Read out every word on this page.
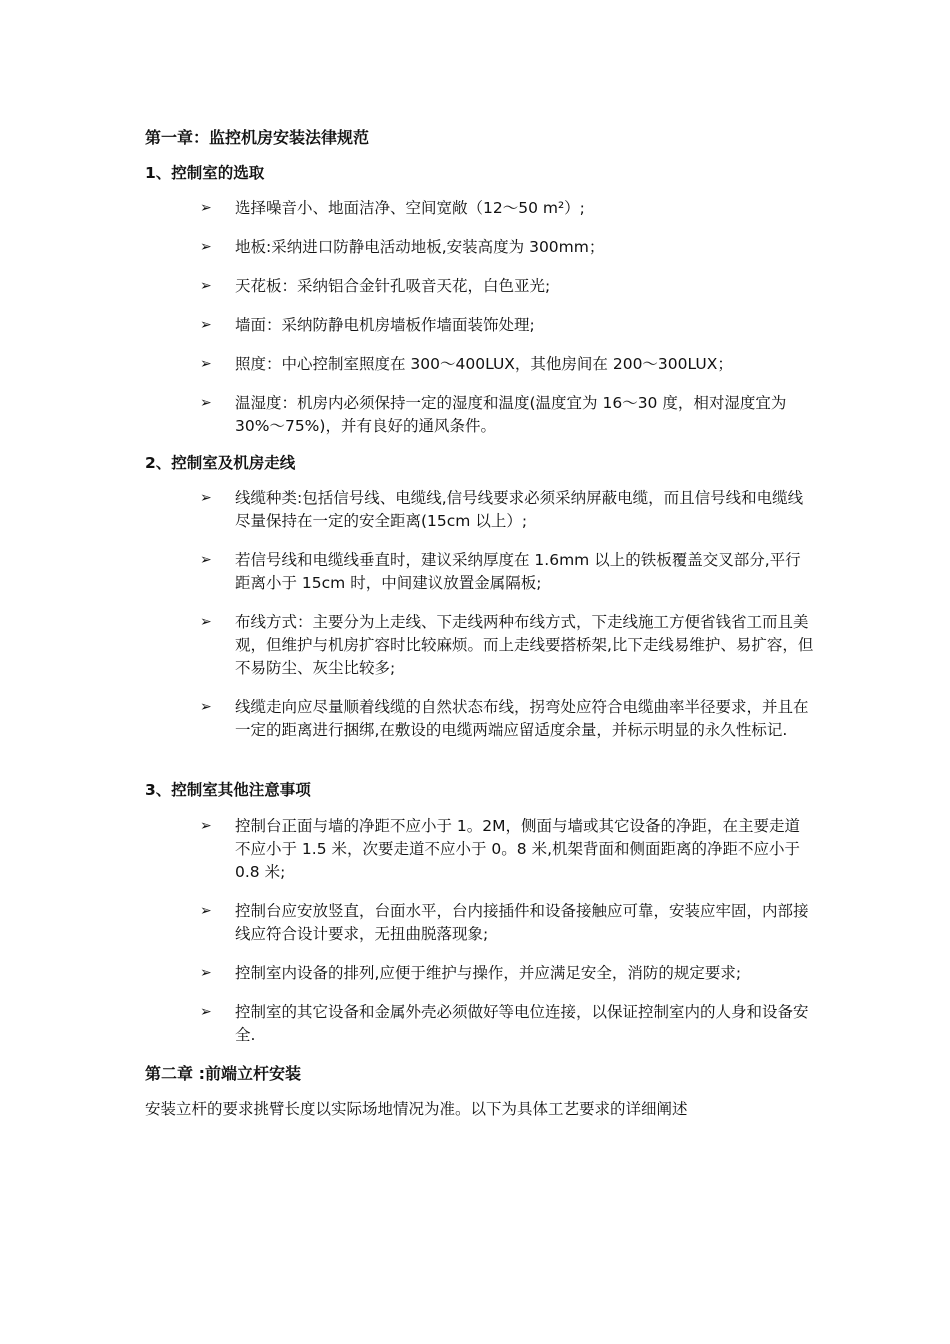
第一章：监控机房安装法律规范
1、控制室的选取
➢ 选择噪音小、地面洁净、空间宽敞（12～50 m²）;
➢ 地板:采纳进口防静电活动地板,安装高度为 300mm；
➢ 天花板：采纳铝合金针孔吸音天花，白色亚光;
➢ 墙面：采纳防静电机房墙板作墙面装饰处理;
➢ 照度：中心控制室照度在 300～400LUX，其他房间在 200～300LUX；
➢ 温湿度：机房内必须保持一定的湿度和温度(温度宜为 16～30 度，相对湿度宜为 30%～75%)，并有良好的通风条件。
2、控制室及机房走线
➢ 线缆种类:包括信号线、电缆线,信号线要求必须采纳屏蔽电缆，而且信号线和电缆线尽量保持在一定的安全距离(15cm 以上）;
➢ 若信号线和电缆线垂直时，建议采纳厚度在 1.6mm 以上的铁板覆盖交叉部分,平行距离小于 15cm 时，中间建议放置金属隔板;
➢ 布线方式：主要分为上走线、下走线两种布线方式，下走线施工方便省钱省工而且美观，但维护与机房扩容时比较麻烦。而上走线要搭桥架,比下走线易维护、易扩容，但不易防尘、灰尘比较多;
➢ 线缆走向应尽量顺着线缆的自然状态布线，拐弯处应符合电缆曲率半径要求，并且在一定的距离进行捆绑,在敷设的电缆两端应留适度余量，并标示明显的永久性标记.
3、控制室其他注意事项
➢ 控制台正面与墙的净距不应小于 1。2M，侧面与墙或其它设备的净距，在主要走道不应小于 1.5 米，次要走道不应小于 0。8 米,机架背面和侧面距离的净距不应小于 0.8 米;
➢ 控制台应安放竖直，台面水平，台内接插件和设备接触应可靠，安装应牢固，内部接线应符合设计要求，无扭曲脱落现象;
➢ 控制室内设备的排列,应便于维护与操作，并应满足安全，消防的规定要求;
➢ 控制室的其它设备和金属外壳必须做好等电位连接，以保证控制室内的人身和设备安全.
第二章 :前端立杆安装
安装立杆的要求挑臂长度以实际场地情况为准。以下为具体工艺要求的详细阐述
